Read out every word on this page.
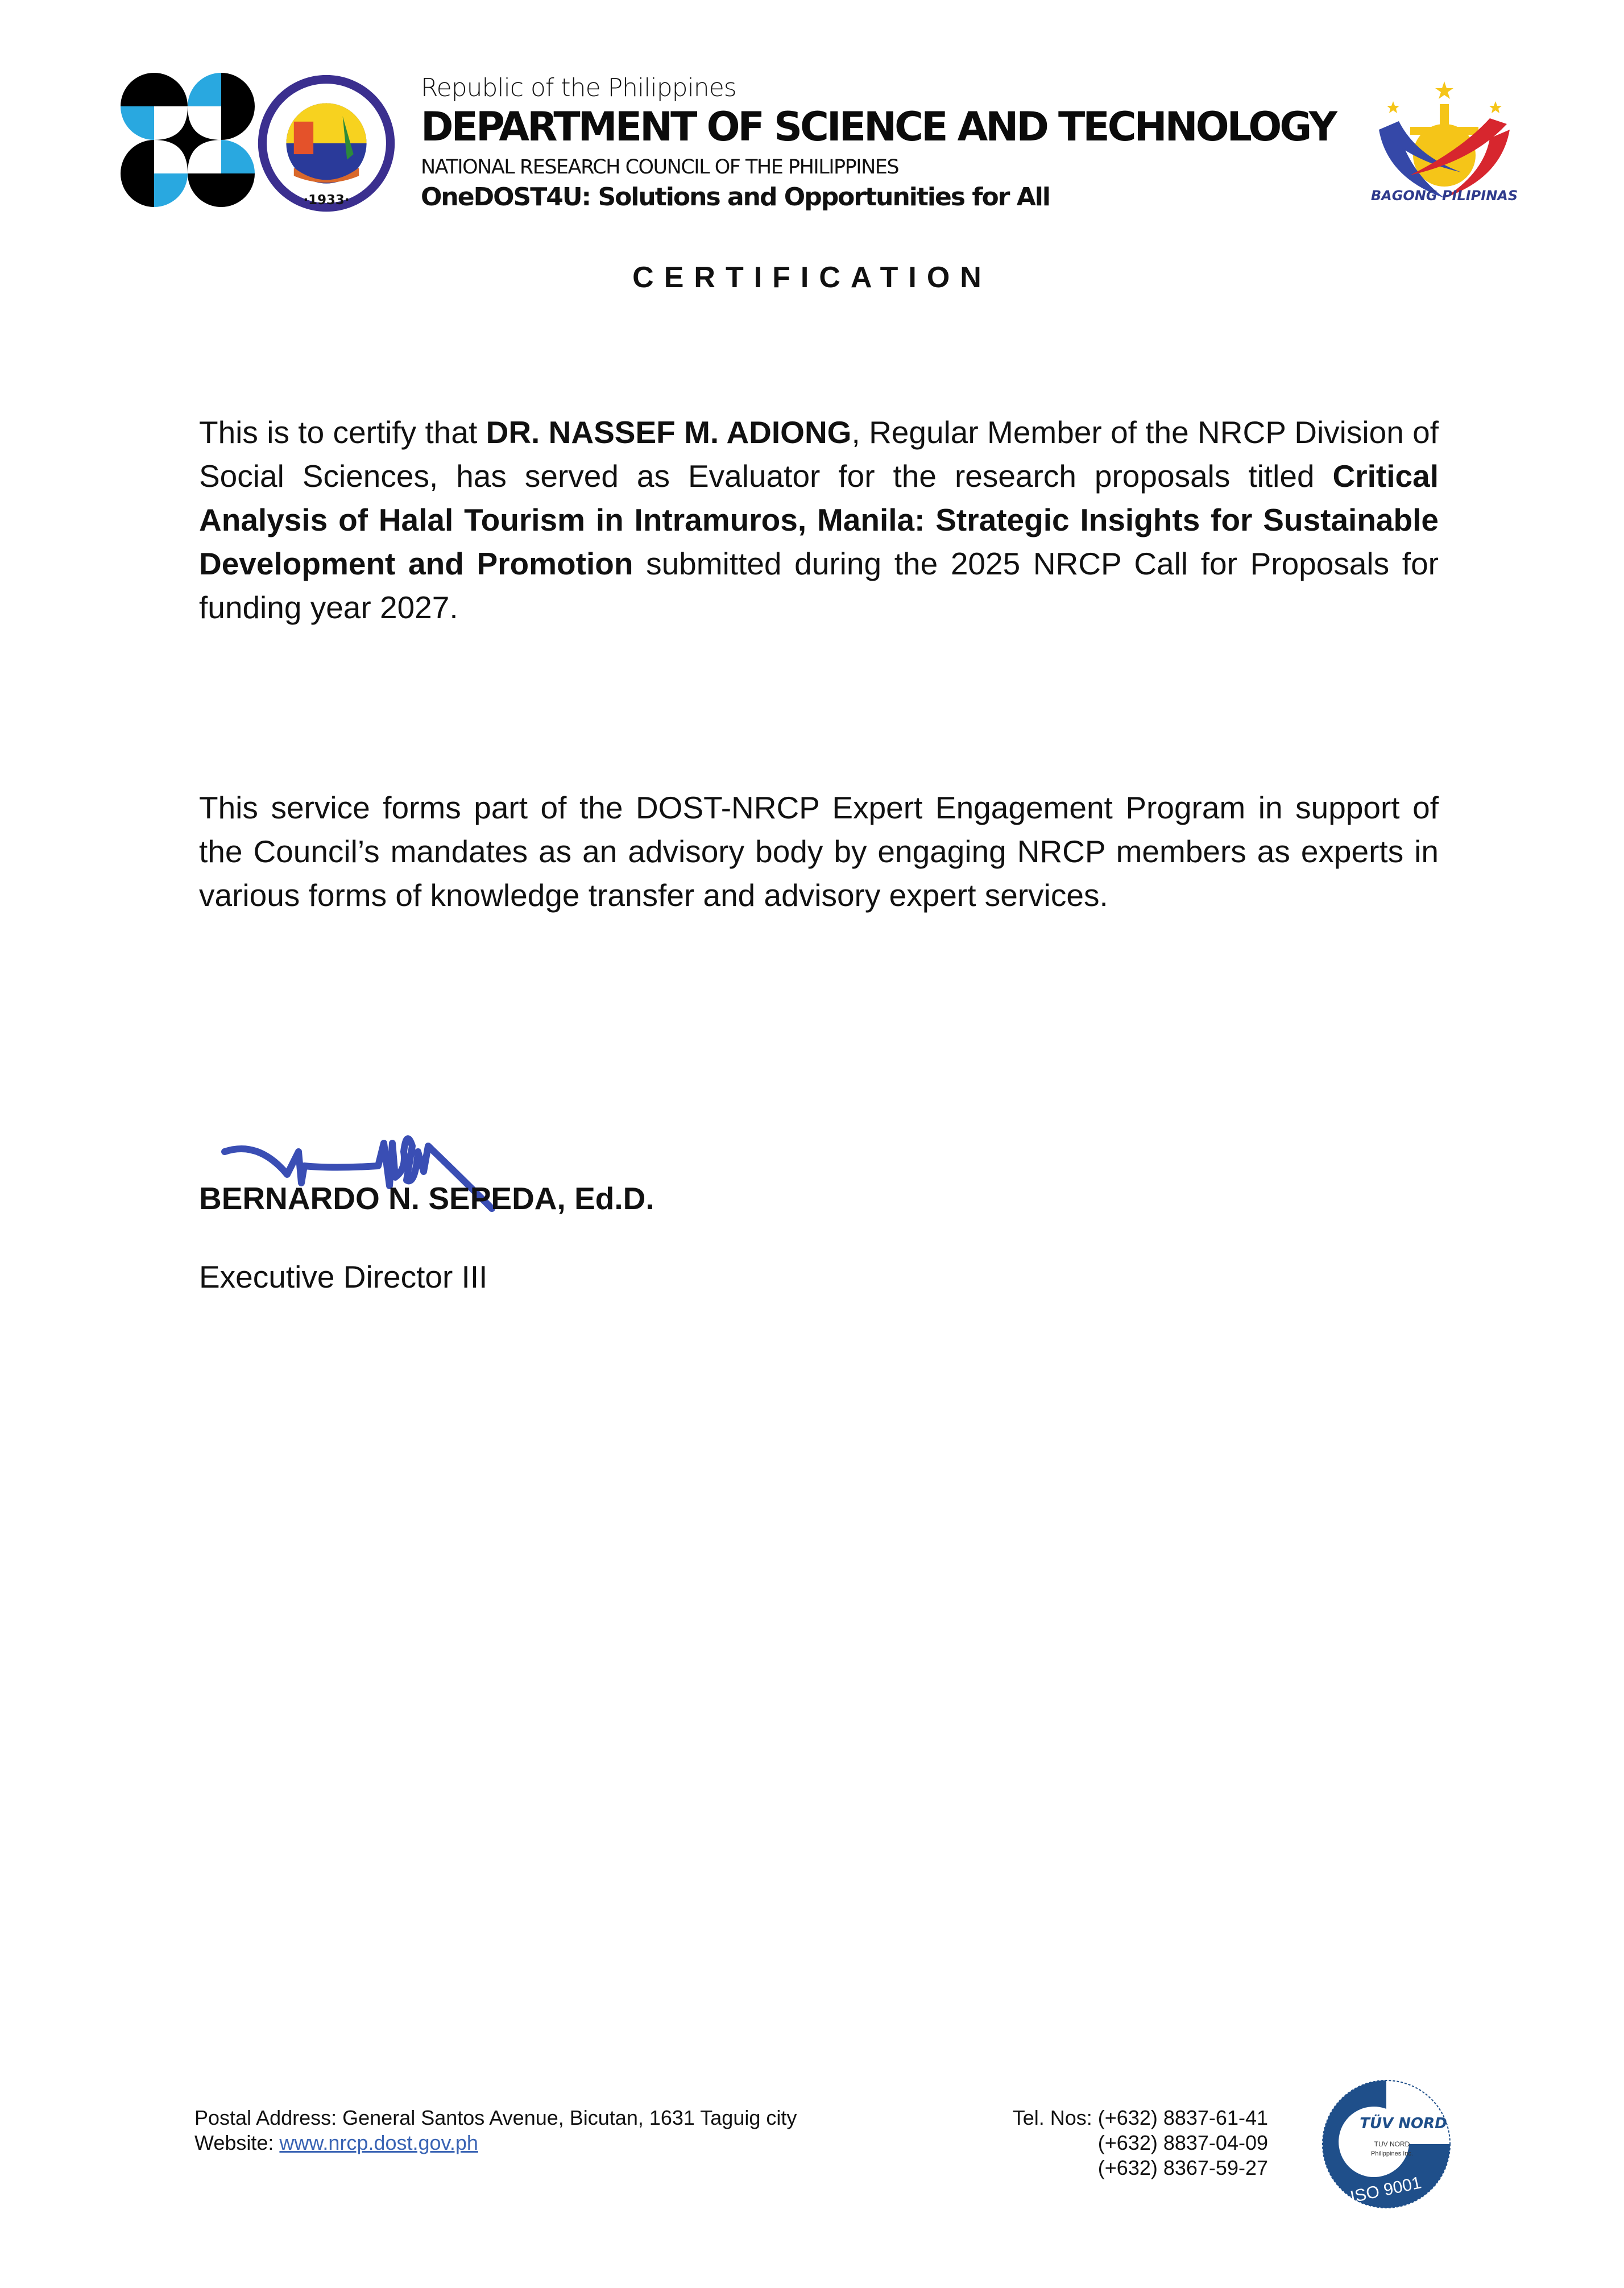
·1933·
Republic of the Philippines
DEPARTMENT OF SCIENCE AND TECHNOLOGY
NATIONAL RESEARCH COUNCIL OF THE PHILIPPINES
OneDOST4U: Solutions and Opportunities for All	BAGONG PILIPINAS
CERTIFICATION
This is to certify that DR. NASSEF M. ADIONG, Regular Member of the NRCP Division of Social Sciences, has served as Evaluator for the research proposals titled Critical Analysis of Halal Tourism in Intramuros, Manila: Strategic Insights for Sustainable Development and Promotion submitted during the 2025 NRCP Call for Proposals for funding year 2027.
This service forms part of the DOST-NRCP Expert Engagement Program in support of the Council’s mandates as an advisory body by engaging NRCP members as experts in various forms of knowledge transfer and advisory expert services.
BERNARDO N. SEPEDA, Ed.D.
Executive Director III
Postal Address: General Santos Avenue, Bicutan, 1631 Taguig city
Website: www.nrcp.dost.gov.ph
Tel. Nos: (+632) 8837-61-41
(+632) 8837-04-09
(+632) 8367-59-27
TÜV NORD
TUV NORD
Philippines Inc.
ISO 9001
